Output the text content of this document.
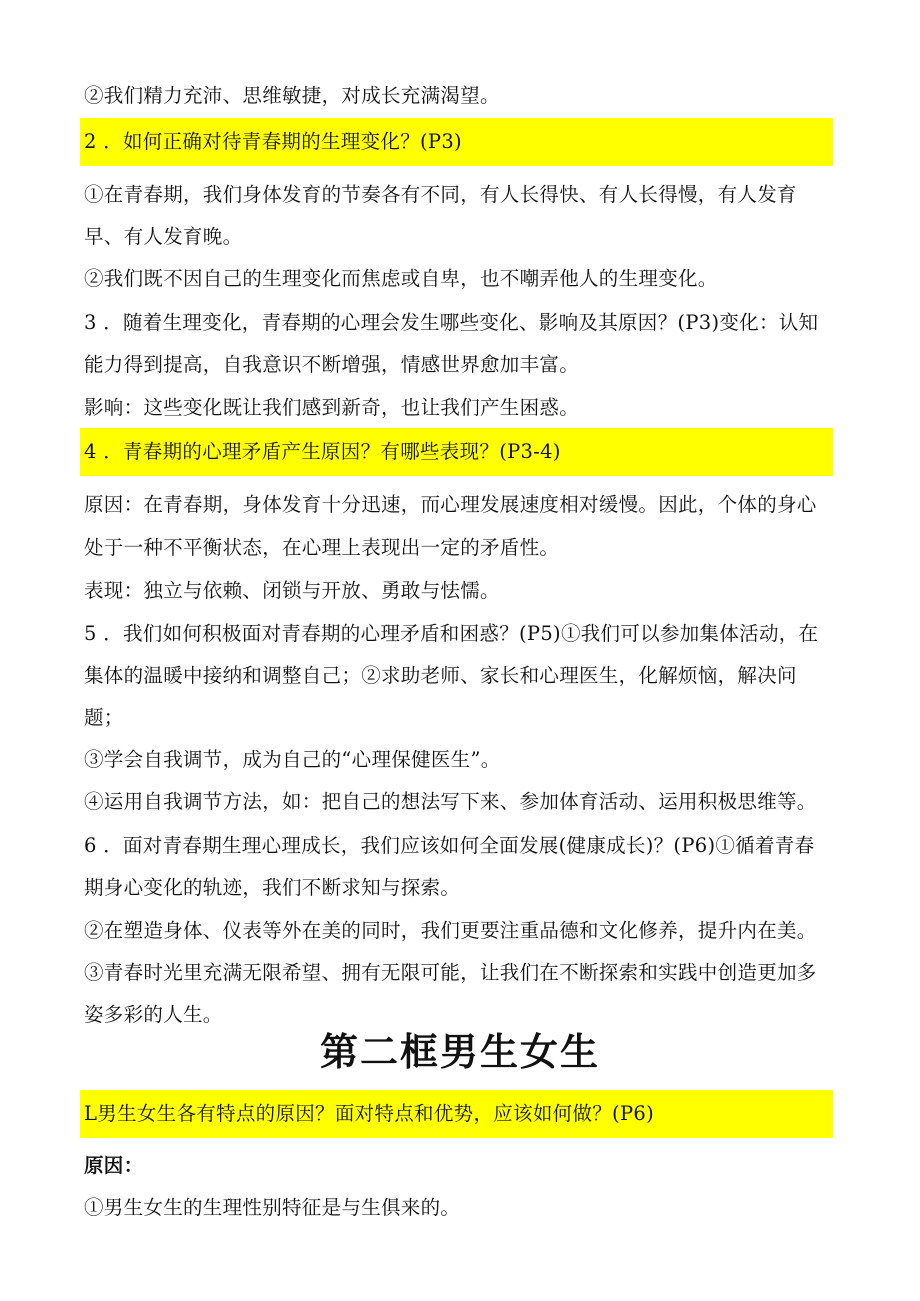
②我们精力充沛、思维敏捷，对成长充满渴望。

2 ．如何正确对待青春期的生理变化？(P3)

①在青春期，我们身体发育的节奏各有不同，有人长得快、有人长得慢，有人发育

早、有人发育晚。

②我们既不因自己的生理变化而焦虑或自卑，也不嘲弄他人的生理变化。

3 ．随着生理变化，青春期的心理会发生哪些变化、影响及其原因？(P3)变化：认知

能力得到提高，自我意识不断增强，情感世界愈加丰富。

影响：这些变化既让我们感到新奇，也让我们产生困惑。

4 ．青春期的心理矛盾产生原因？有哪些表现？(P3-4)

原因：在青春期，身体发育十分迅速，而心理发展速度相对缓慢。因此，个体的身心

处于一种不平衡状态，在心理上表现出一定的矛盾性。

表现：独立与依赖、闭锁与开放、勇敢与怯懦。

5 ．我们如何积极面对青春期的心理矛盾和困惑？(P5)①我们可以参加集体活动，在

集体的温暖中接纳和调整自己；②求助老师、家长和心理医生，化解烦恼，解决问

题；

③学会自我调节，成为自己的“心理保健医生”。

④运用自我调节方法，如：把自己的想法写下来、参加体育活动、运用积极思维等。

6 ．面对青春期生理心理成长，我们应该如何全面发展(健康成长)？(P6)①循着青春

期身心变化的轨迹，我们不断求知与探索。

②在塑造身体、仪表等外在美的同时，我们更要注重品德和文化修养，提升内在美。

③青春时光里充满无限希望、拥有无限可能，让我们在不断探索和实践中创造更加多

姿多彩的人生。

第二框男生女生

L男生女生各有特点的原因？面对特点和优势，应该如何做？(P6)

原因：

①男生女生的生理性别特征是与生俱来的。
